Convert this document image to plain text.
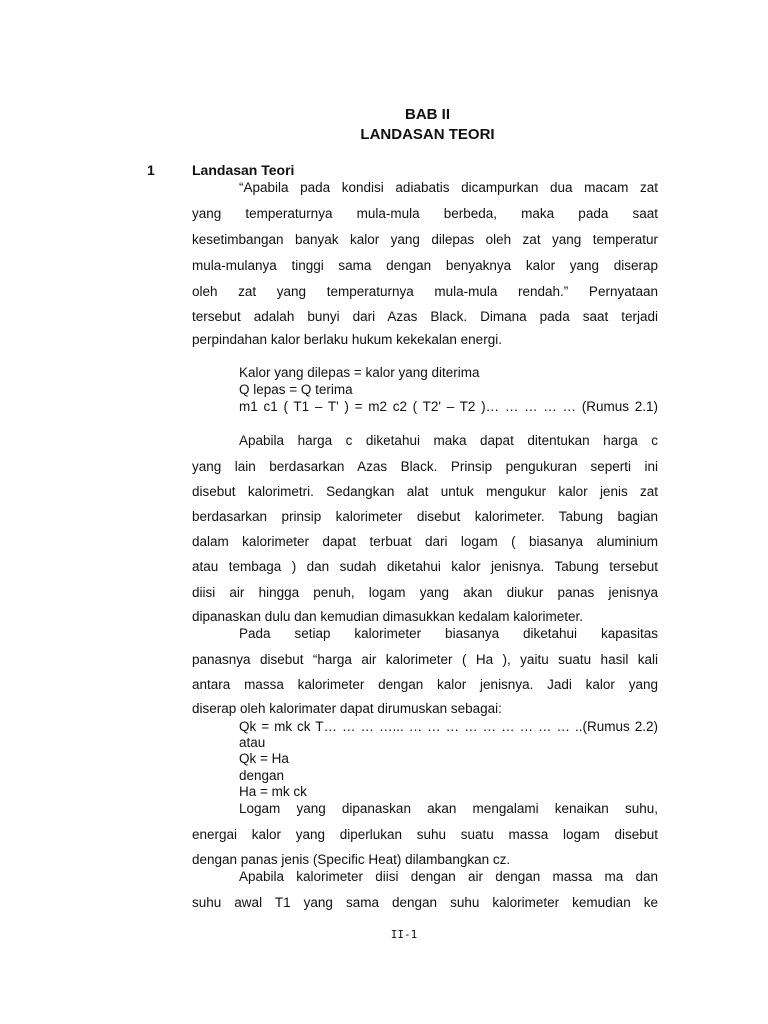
BAB II
LANDASAN TEORI
1	Landasan Teori
“Apabila pada kondisi adiabatis dicampurkan dua macam zat
yang temperaturnya mula-mula berbeda, maka pada saat
kesetimbangan banyak kalor yang dilepas oleh zat yang temperatur
mula-mulanya tinggi sama dengan benyaknya kalor yang diserap
oleh zat yang temperaturnya mula-mula rendah.” Pernyataan
tersebut adalah bunyi dari Azas Black. Dimana pada saat terjadi
perpindahan kalor berlaku hukum kekekalan energi.
Kalor yang dilepas = kalor yang diterima
Q lepas = Q terima
m1 c1 ( T1 – T' ) = m2 c2 ( T2' – T2 )… … … … … (Rumus 2.1)
Apabila harga c diketahui maka dapat ditentukan harga c
yang lain berdasarkan Azas Black. Prinsip pengukuran seperti ini
disebut kalorimetri. Sedangkan alat untuk mengukur kalor jenis zat
berdasarkan prinsip kalorimeter disebut kalorimeter. Tabung bagian
dalam kalorimeter dapat terbuat dari logam ( biasanya aluminium
atau tembaga ) dan sudah diketahui kalor jenisnya. Tabung tersebut
diisi air hingga penuh, logam yang akan diukur panas jenisnya
dipanaskan dulu dan kemudian dimasukkan kedalam kalorimeter.
Pada setiap kalorimeter biasanya diketahui kapasitas
panasnya disebut “harga air kalorimeter ( Ha ), yaitu suatu hasil kali
antara massa kalorimeter dengan kalor jenisnya. Jadi kalor yang
diserap oleh kalorimater dapat dirumuskan sebagai:
Qk = mk ck T… … … …... … … … … … … … … … ..(Rumus 2.2)
atau
Qk = Ha
dengan
Ha = mk ck
Logam yang dipanaskan akan mengalami kenaikan suhu,
energai kalor yang diperlukan suhu suatu massa logam disebut
dengan panas jenis (Specific Heat) dilambangkan cz.
Apabila kalorimeter diisi dengan air dengan massa ma dan
suhu awal T1 yang sama dengan suhu kalorimeter kemudian ke
II-1
